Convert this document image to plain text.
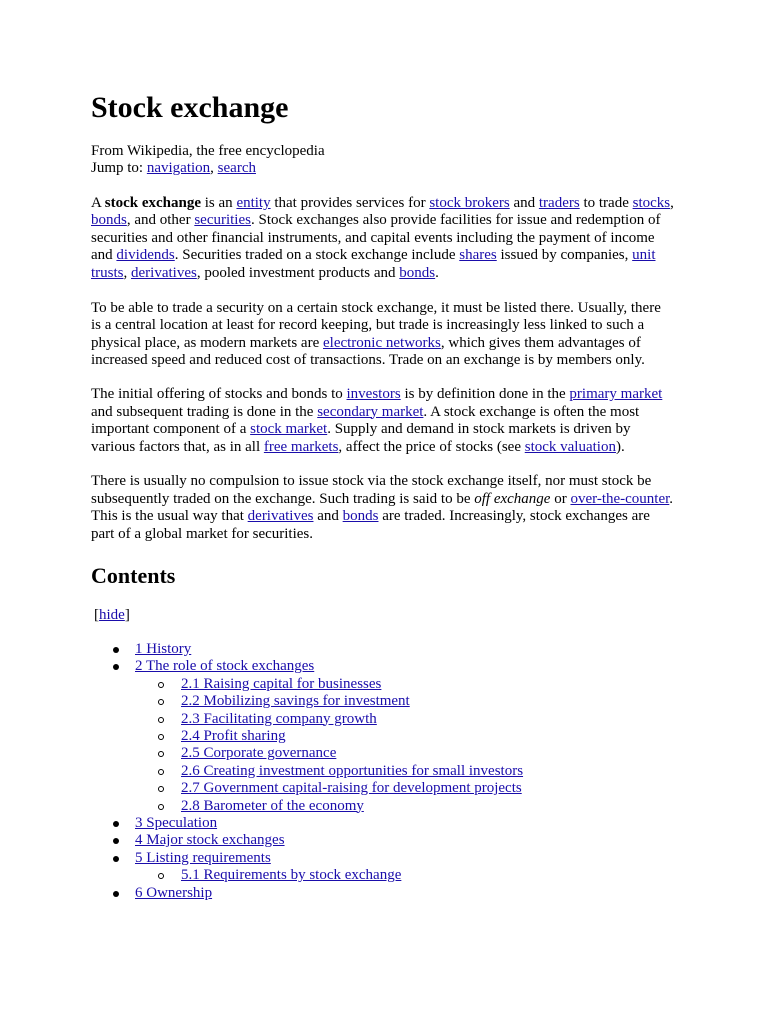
Stock exchange
From Wikipedia, the free encyclopedia
Jump to: navigation, search
A stock exchange is an entity that provides services for stock brokers and traders to trade stocks,
bonds, and other securities. Stock exchanges also provide facilities for issue and redemption of
securities and other financial instruments, and capital events including the payment of income
and dividends. Securities traded on a stock exchange include shares issued by companies, unit
trusts, derivatives, pooled investment products and bonds.
To be able to trade a security on a certain stock exchange, it must be listed there. Usually, there
is a central location at least for record keeping, but trade is increasingly less linked to such a
physical place, as modern markets are electronic networks, which gives them advantages of
increased speed and reduced cost of transactions. Trade on an exchange is by members only.
The initial offering of stocks and bonds to investors is by definition done in the primary market
and subsequent trading is done in the secondary market. A stock exchange is often the most
important component of a stock market. Supply and demand in stock markets is driven by
various factors that, as in all free markets, affect the price of stocks (see stock valuation).
There is usually no compulsion to issue stock via the stock exchange itself, nor must stock be
subsequently traded on the exchange. Such trading is said to be off exchange or over-the-counter.
This is the usual way that derivatives and bonds are traded. Increasingly, stock exchanges are
part of a global market for securities.
Contents
[hide]
1 History
2 The role of stock exchanges
2.1 Raising capital for businesses
2.2 Mobilizing savings for investment
2.3 Facilitating company growth
2.4 Profit sharing
2.5 Corporate governance
2.6 Creating investment opportunities for small investors
2.7 Government capital-raising for development projects
2.8 Barometer of the economy
3 Speculation
4 Major stock exchanges
5 Listing requirements
5.1 Requirements by stock exchange
6 Ownership
